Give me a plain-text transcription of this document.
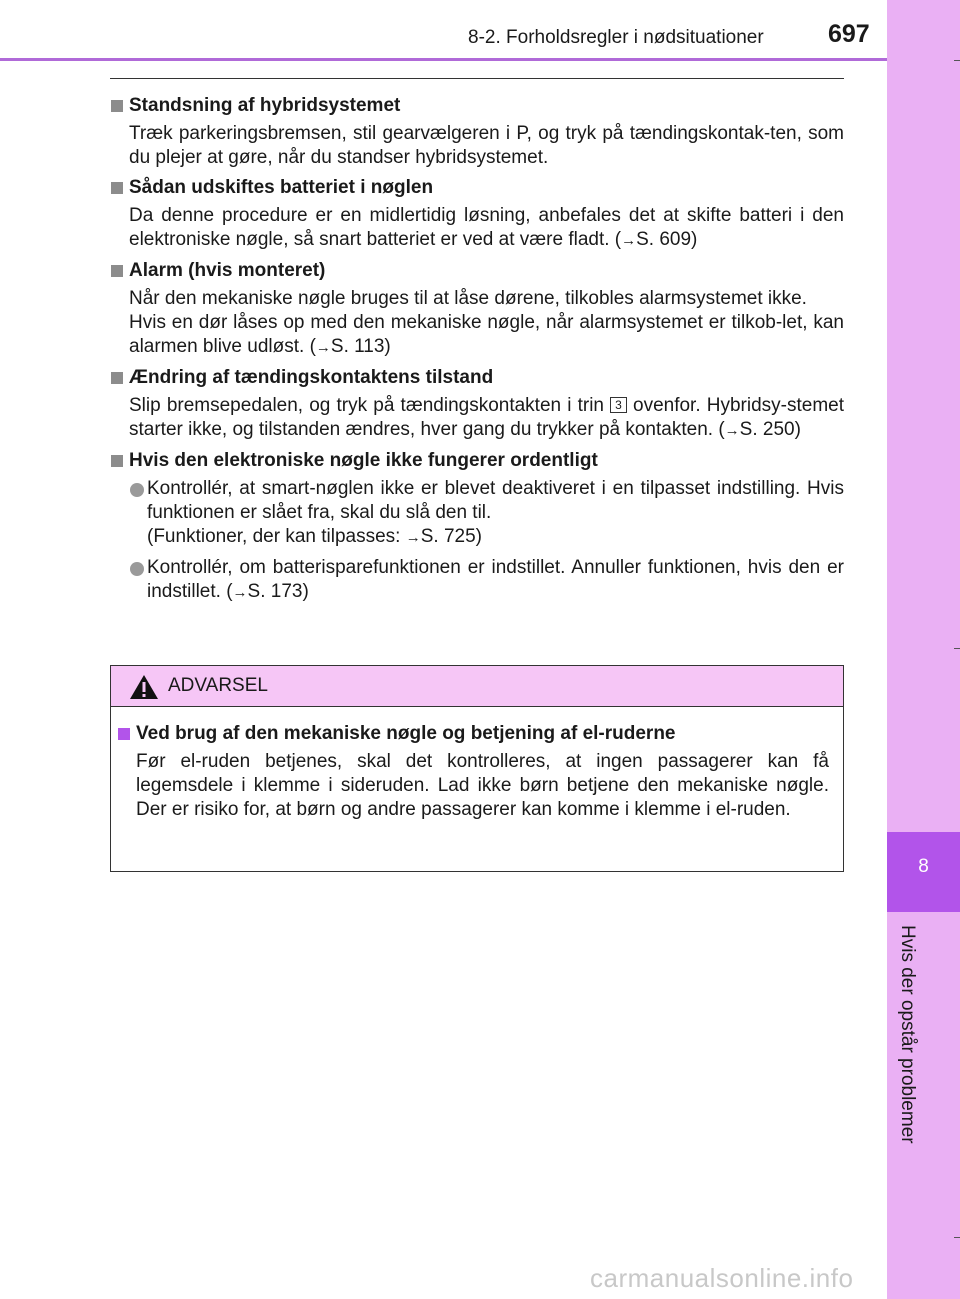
8-2. Forholdsregler i nødsituationer	697
8
Hvis der opstår problemer
Standsning af hybridsystemet
Træk parkeringsbremsen, stil gearvælgeren i P, og tryk på tændingskontak-ten, som du plejer at gøre, når du standser hybridsystemet.
Sådan udskiftes batteriet i nøglen
Da denne procedure er en midlertidig løsning, anbefales det at skifte batteri i den elektroniske nøgle, så snart batteriet er ved at være fladt. (→S. 609)
Alarm (hvis monteret)
Når den mekaniske nøgle bruges til at låse dørene, tilkobles alarmsystemet ikke.
Hvis en dør låses op med den mekaniske nøgle, når alarmsystemet er tilkob-let, kan alarmen blive udløst. (→S. 113)
Ændring af tændingskontaktens tilstand
Slip bremsepedalen, og tryk på tændingskontakten i trin 3 ovenfor. Hybridsy-stemet starter ikke, og tilstanden ændres, hver gang du trykker på kontakten. (→S. 250)
Hvis den elektroniske nøgle ikke fungerer ordentligt
Kontrollér, at smart-nøglen ikke er blevet deaktiveret i en tilpasset indstilling. Hvis funktionen er slået fra, skal du slå den til.
(Funktioner, der kan tilpasses: →S. 725)
Kontrollér, om batterisparefunktionen er indstillet. Annuller funktionen, hvis den er indstillet. (→S. 173)
ADVARSEL
Ved brug af den mekaniske nøgle og betjening af el-ruderne
Før el-ruden betjenes, skal det kontrolleres, at ingen passagerer kan få legemsdele i klemme i sideruden. Lad ikke børn betjene den mekaniske nøgle. Der er risiko for, at børn og andre passagerer kan komme i klemme i el-ruden.
carmanualsonline.info
